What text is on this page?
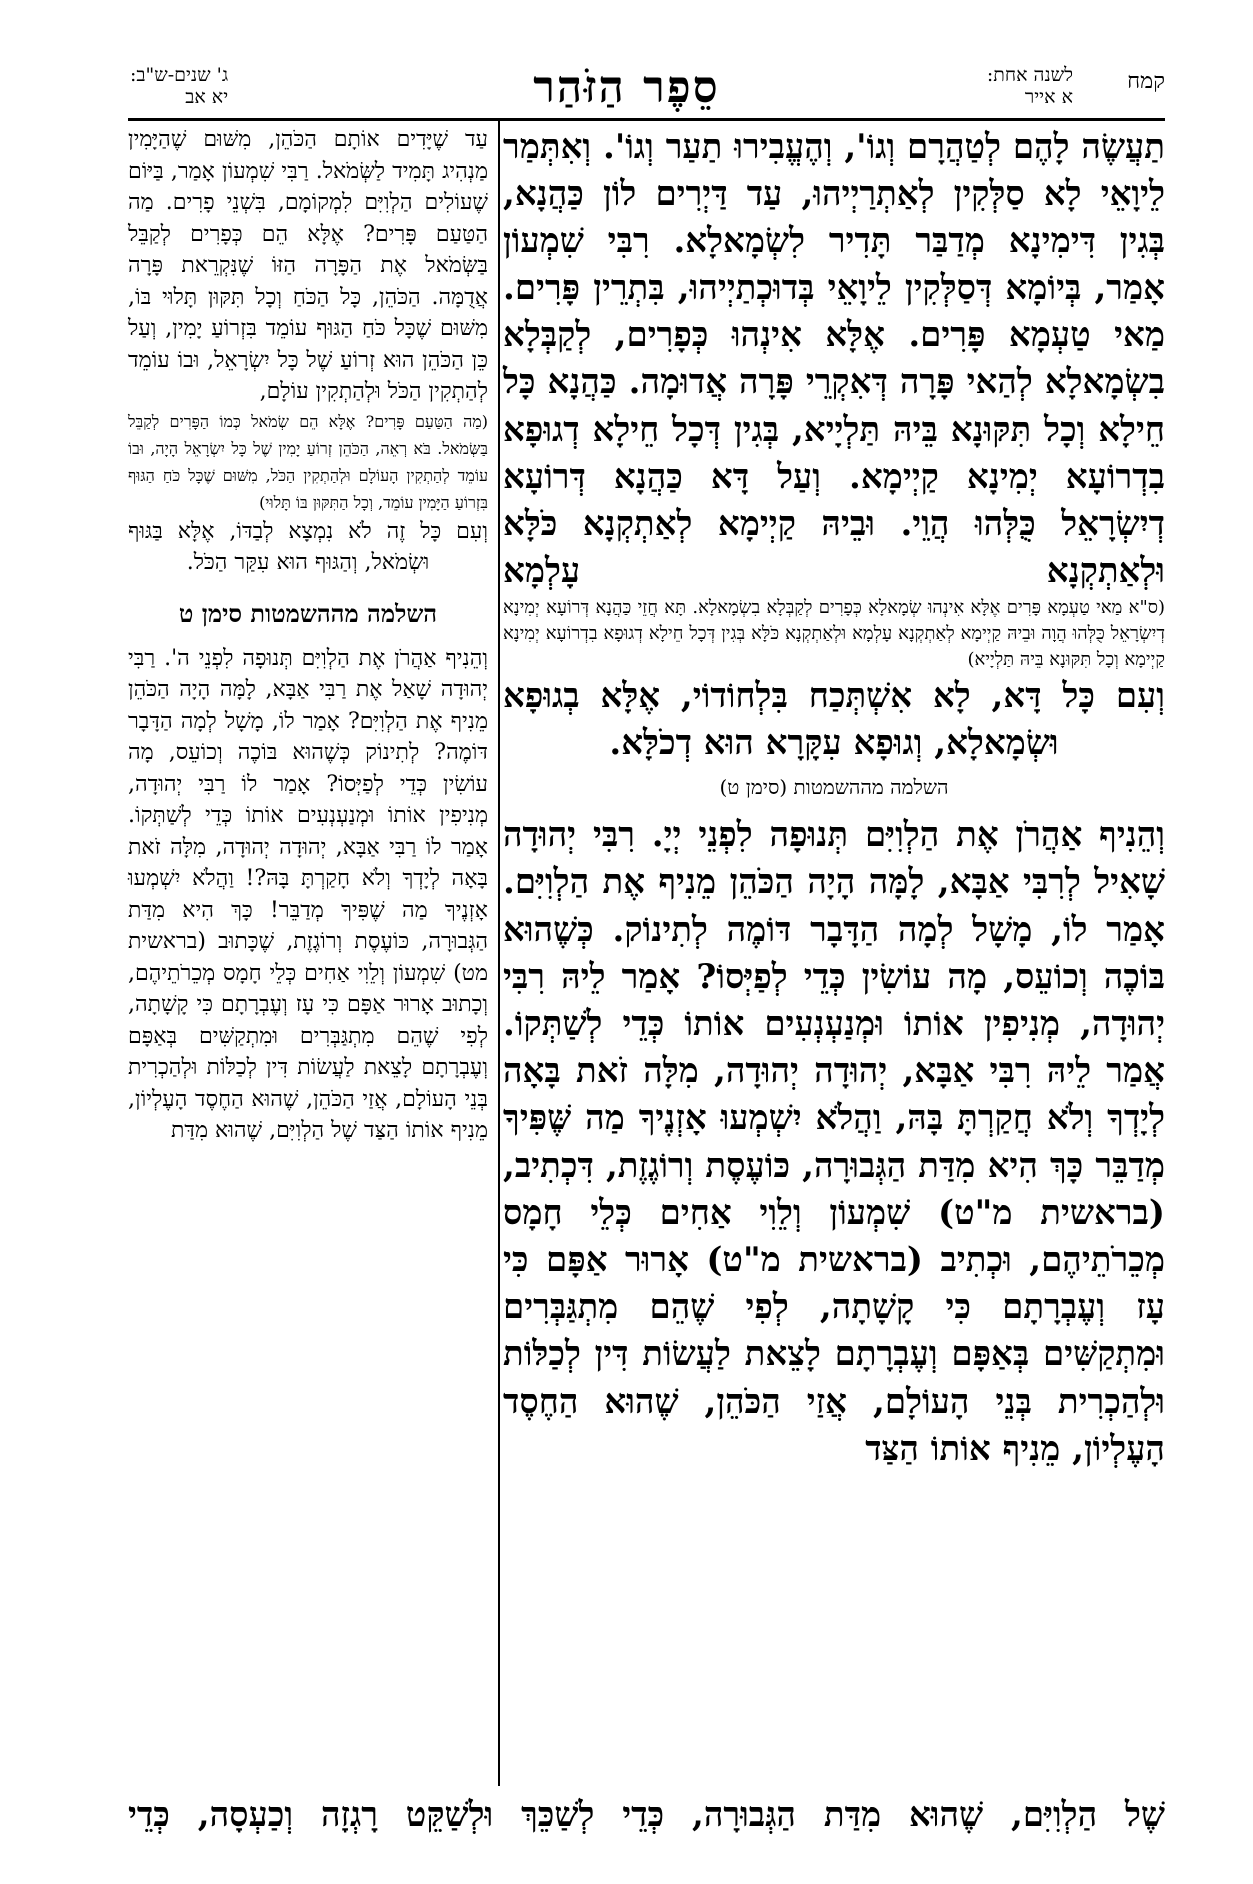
קמח
לשנה אחת:
א אייר
סֵפֶר הַזֹּהַר
ג' שנים-ש"ב:
יא אב

תַעֲשֶׂה לָהֶם לְטַהֲרָם וְגוֹ', וְהֶעֱבִירוּ תַעַר וְגוֹ'. וְאִתְּמַר לֵיוָאֵי לָא סַלְּקִין לְאַתְרַיְיהוּ, עַד דַּיְרִים לוֹן כַּהֲנָא, בְּגִין דִּימִינָא מְדַבַּר תָּדִיר לִשְׂמָאלָא. רִבִּי שִׁמְעוֹן אָמַר, בְּיוֹמָא דְּסַלְּקִין לֵיוָאֵי בְּדוּכְתַיְיהוּ, בִּתְרֵין פָּרִים. מַאי טַעְמָא פָּרִים. אֶלָּא אִינְהוּ כְּפָרִים, לְקַבְּלָא בִשְׂמָאלָא לְהַאי פָּרָה דְּאִקְרֵי פָּרָה אֲדוּמָה. כַּהֲנָא כָּל חֵילָא וְכָל תִּקּוּנָא בֵּיהּ תַּלְיָיא, בְּגִין דְּכָל חֵילָא דְגוּפָא בִדְרוֹעָא יְמִינָא קַיְימָא. וְעַל דָּא כַּהֲנָא דְּרוֹעָא דְיִשְׂרָאֵל כֻּלְּהוּ הֲוֵי. וּבֵיהּ קַיְימָא לְאַתְקְנָא כֹּלָּא וּלְאַתְקְנָא עָלְמָא

(ס"א מַאי טַעְמָא פָּרִים אֶלָּא אִינְהוּ שְׂמָאלָא כְּפָרִים לְקַבְּלָא בִשְׂמָאלָא. תָּא חֲזֵי כַּהֲנָא דְּרוֹעָא יְמִינָא דְיִשְׂרָאֵל כֻּלְּהוּ הֲוָה וּבֵיהּ קַיְימָא לְאַתְקְנָא עָלְמָא וּלְאַתְקְנָא כֹּלָּא בְּגִין דְּכָל חֵילָא דְגוּפָא בִדְרוֹעָא יְמִינָא קַיְימָא וְכָל תִּקּוּנָא בֵּיהּ תַּלְיָיא)

וְעִם כָּל דָּא, לָא אִשְׁתְּכַח בִּלְחוֹדוֹי, אֶלָּא בְגוּפָא וּשְׂמָאלָא, וְגוּפָא עִקָּרָא הוּא דְכֹלָּא.

השלמה מההשמטות (סימן ט)

וְהֵנִיף אַהֲרֹן אֶת הַלְוִיִּם תְּנוּפָה לִפְנֵי יְיָ. רִבִּי יְהוּדָה שָׁאִיל לְרִבִּי אַבָּא, לָמָּה הָיָה הַכֹּהֵן מֵנִיף אֶת הַלְוִיִּם. אָמַר לוֹ, מָשָׁל לְמָה הַדָּבָר דּוֹמֶה לְתִינוֹק. כְּשֶׁהוּא בּוֹכֶה וְכוֹעֵס, מָה עוֹשִׂין כְּדֵי לְפַיְּסוֹ? אָמַר לֵיהּ רִבִּי יְהוּדָה, מְנִיפִין אוֹתוֹ וּמְנַעְנְעִים אוֹתוֹ כְּדֵי לְשַׁתְּקוֹ. אֲמַר לֵיהּ רִבִּי אַבָּא, יְהוּדָה יְהוּדָה, מִלָּה זֹאת בָּאָה לְיָדְךָ וְלֹא חֲקַרְתָּ בָּהּ, וַהֲלֹא יִשְׁמְעוּ אָזְנֶיךָ מַה שֶּׁפִּיךָ מְדַבֵּר כָּךְ הִיא מִדַּת הַגְּבוּרָה, כּוֹעֶסֶת וְרוֹגֶזֶת, דִּכְתִיב, (בראשית מ"ט) שִׁמְעוֹן וְלֵוִי אַחִים כְּלֵי חָמָס מְכֵרֹתֵיהֶם, וּכְתִיב (בראשית מ"ט) אָרוּר אַפָּם כִּי עָז וְעֶבְרָתָם כִּי קָשָׁתָה, לְפִי שֶׁהֵם מִתְגַּבְּרִים וּמִתְקַשִּׁים בְּאַפָּם וְעֶבְרָתָם לָצֵאת לַעֲשׂוֹת דִּין לְכַלּוֹת וּלְהַכְרִית בְּנֵי הָעוֹלָם, אֲזַי הַכֹּהֵן, שֶׁהוּא הַחֶסֶד הָעֶלְיוֹן, מֵנִיף אוֹתוֹ הַצַּד

עַד שֶׁיָּדִים אוֹתָם הַכֹּהֵן, מִשּׁוּם שֶׁהַיָּמִין מַנְהִיג תָּמִיד לַשְּׂמֹאל. רַבִּי שִׁמְעוֹן אָמַר, בַּיּוֹם שֶׁעוֹלִים הַלְוִיִּם לִמְקוֹמָם, בִּשְׁנֵי פָרִים. מַה הַטַּעַם פָּרִים? אֶלָּא הֵם כְּפָרִים לְקַבֵּל בַּשְּׂמֹאל אֶת הַפָּרָה הַזּוֹ שֶׁנִּקְרֵאת פָּרָה אֲדֻמָּה. הַכֹּהֵן, כָּל הַכֹּחַ וְכָל תִּקּוּן תָּלוּי בּוֹ, מִשּׁוּם שֶׁכָּל כֹּחַ הַגּוּף עוֹמֵד בִּזְרוֹעַ יָמִין, וְעַל כֵּן הַכֹּהֵן הוּא זְרוֹעַ שֶׁל כָּל יִשְׂרָאֵל, וּבוֹ עוֹמֵד לְהַתְקִין הַכֹּל וּלְהַתְקִין עוֹלָם,

(מַה הַטַּעַם פָּרִים? אֶלָּא הֵם שְׂמֹאל כְּמוֹ הַפָּרִים לְקַבֵּל בַּשְּׂמֹאל. בֹּא רְאֵה, הַכֹּהֵן זְרוֹעַ יָמִין שֶׁל כָּל יִשְׂרָאֵל הָיָה, וּבוֹ עוֹמֵד לְהַתְקִין הָעוֹלָם וּלְהַתְקִין הַכֹּל, מִשּׁוּם שֶׁכָּל כֹּחַ הַגּוּף בִּזְרוֹעַ הַיָּמִין עוֹמֵד, וְכָל הַתִּקּוּן בּוֹ תָּלוּי)

וְעִם כָּל זֶה לֹא נִמְצָא לְבַדּוֹ, אֶלָּא בַּגּוּף וּשְׂמֹאל, וְהַגּוּף הוּא עִקַּר הַכֹּל.

השלמה מההשמטות סימן ט

וְהֵנִיף אַהֲרֹן אֶת הַלְוִיִּם תְּנוּפָה לִפְנֵי ה'. רַבִּי יְהוּדָה שָׁאַל אֶת רַבִּי אַבָּא, לָמָּה הָיָה הַכֹּהֵן מֵנִיף אֶת הַלְוִיִּם? אָמַר לוֹ, מָשָׁל לְמָה הַדָּבָר דּוֹמֶה? לְתִינוֹק כְּשֶׁהוּא בּוֹכֶה וְכוֹעֵס, מָה עוֹשִׂין כְּדֵי לְפַיְּסוֹ? אָמַר לוֹ רַבִּי יְהוּדָה, מְנִיפִין אוֹתוֹ וּמְנַעְנְעִים אוֹתוֹ כְּדֵי לְשַׁתְּקוֹ. אָמַר לוֹ רַבִּי אַבָּא, יְהוּדָה יְהוּדָה, מִלָּה זֹאת בָּאָה לְיָדְךָ וְלֹא חָקַרְתָּ בָּהּ?! וַהֲלֹא יִשְׁמְעוּ אָזְנֶיךָ מַה שֶׁפִּיךָ מְדַבֵּר! כָּךְ הִיא מִדַּת הַגְּבוּרָה, כּוֹעֶסֶת וְרוֹגֶזֶת, שֶׁכָּתוּב (בראשית מט) שִׁמְעוֹן וְלֵוִי אַחִים כְּלֵי חָמָס מְכֵרֹתֵיהֶם, וְכָתוּב אָרוּר אַפָּם כִּי עָז וְעֶבְרָתָם כִּי קָשָׁתָה, לְפִי שֶׁהֵם מִתְגַּבְּרִים וּמִתְקַשִּׁים בְּאַפָּם וְעֶבְרָתָם לָצֵאת לַעֲשׂוֹת דִּין לְכַלּוֹת וּלְהַכְרִית בְּנֵי הָעוֹלָם, אֲזַי הַכֹּהֵן, שֶׁהוּא הַחֶסֶד הָעֶלְיוֹן, מֵנִיף אוֹתוֹ הַצַּד שֶׁל הַלְוִיִּם, שֶׁהוּא מִדַּת

שֶׁל הַלְוִיִּם, שֶׁהוּא מִדַּת הַגְּבוּרָה, כְּדֵי לְשַׁכֵּךְ וּלְשַׁקֵּט רָגְזָה וְכַעְסָה, כְּדֵי
